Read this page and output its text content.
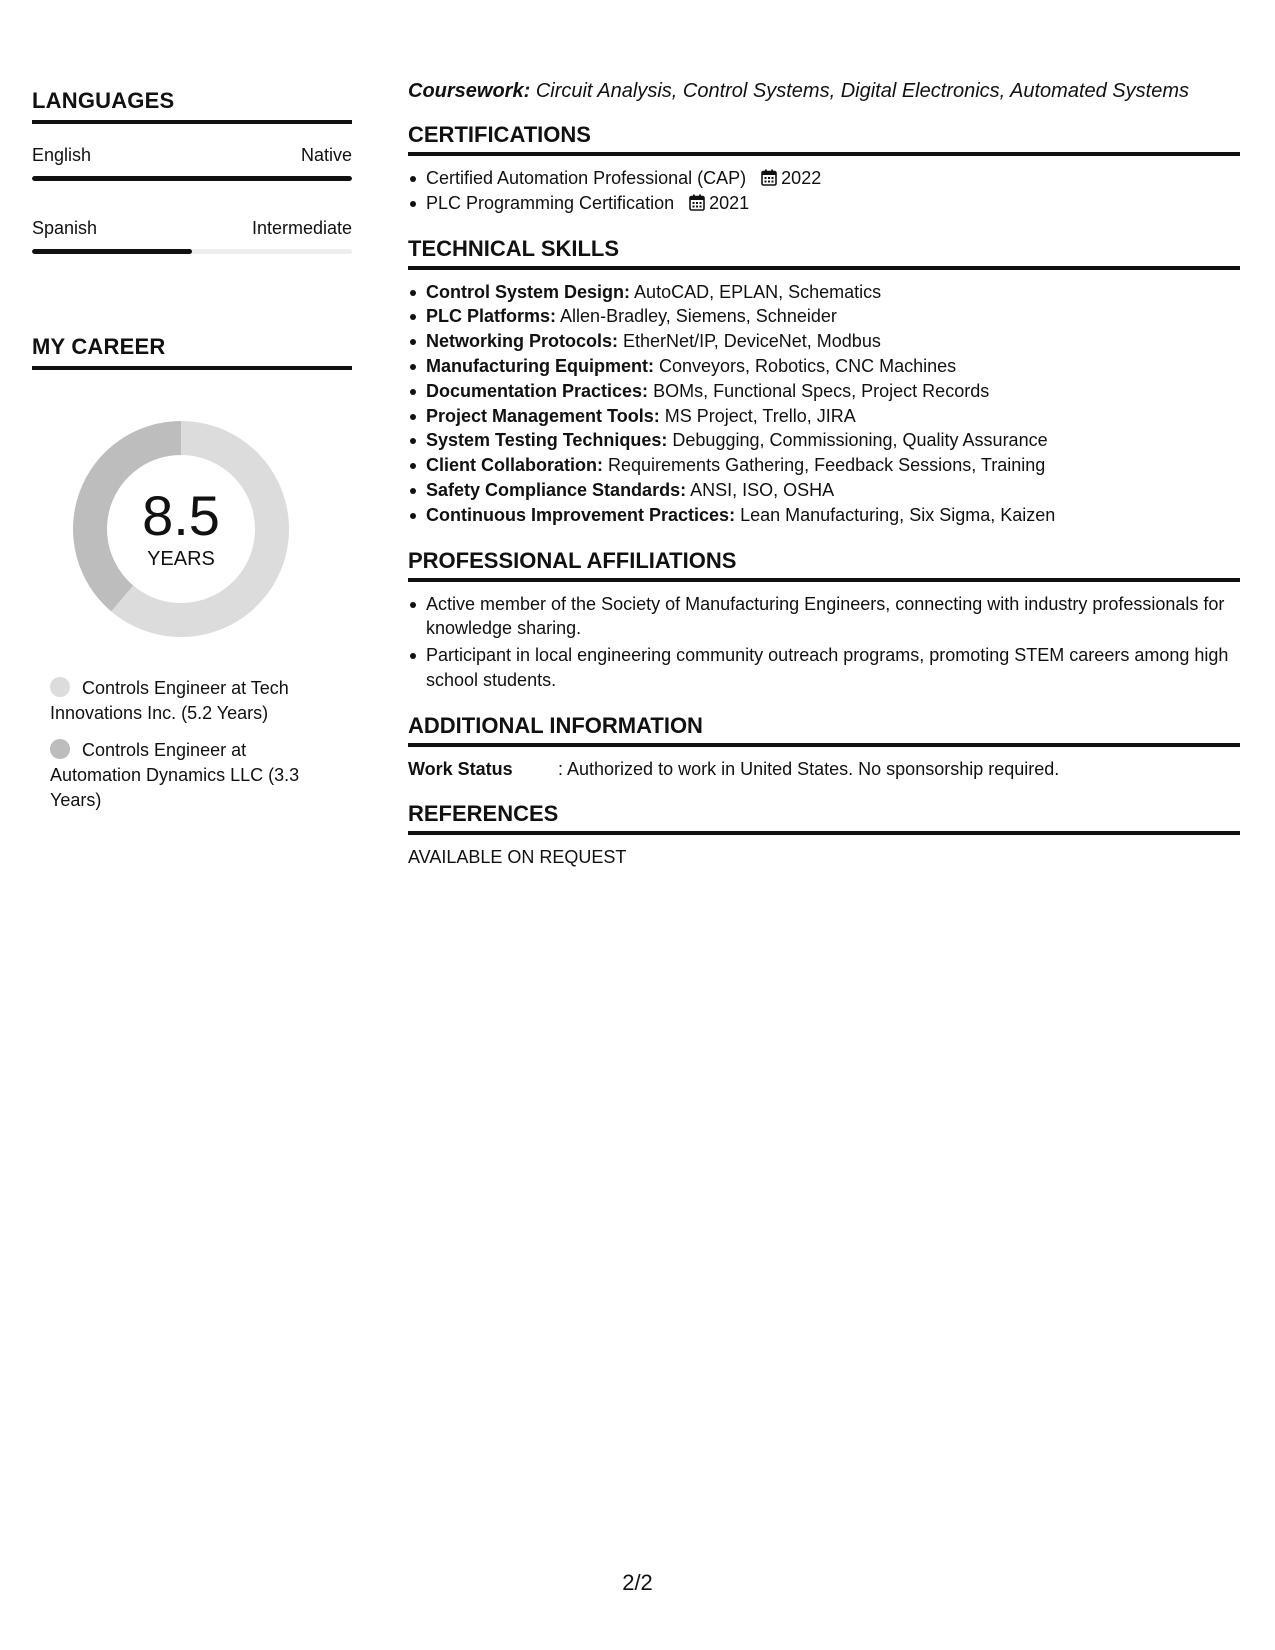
LANGUAGES
English	Native
Spanish	Intermediate
MY CAREER
8.5
YEARS
Controls Engineer at Tech Innovations Inc. (5.2 Years)
Controls Engineer at Automation Dynamics LLC (3.3 Years)

Coursework: Circuit Analysis, Control Systems, Digital Electronics, Automated Systems

CERTIFICATIONS
Certified Automation Professional (CAP) 2022
PLC Programming Certification 2021
TECHNICAL SKILLS
Control System Design: AutoCAD, EPLAN, Schematics
PLC Platforms: Allen-Bradley, Siemens, Schneider
Networking Protocols: EtherNet/IP, DeviceNet, Modbus
Manufacturing Equipment: Conveyors, Robotics, CNC Machines
Documentation Practices: BOMs, Functional Specs, Project Records
Project Management Tools: MS Project, Trello, JIRA
System Testing Techniques: Debugging, Commissioning, Quality Assurance
Client Collaboration: Requirements Gathering, Feedback Sessions, Training
Safety Compliance Standards: ANSI, ISO, OSHA
Continuous Improvement Practices: Lean Manufacturing, Six Sigma, Kaizen
PROFESSIONAL AFFILIATIONS
Active member of the Society of Manufacturing Engineers, connecting with industry professionals for knowledge sharing.
Participant in local engineering community outreach programs, promoting STEM careers among high school students.
ADDITIONAL INFORMATION
Work Status	: Authorized to work in United States. No sponsorship required.
REFERENCES
AVAILABLE ON REQUEST
2/2
